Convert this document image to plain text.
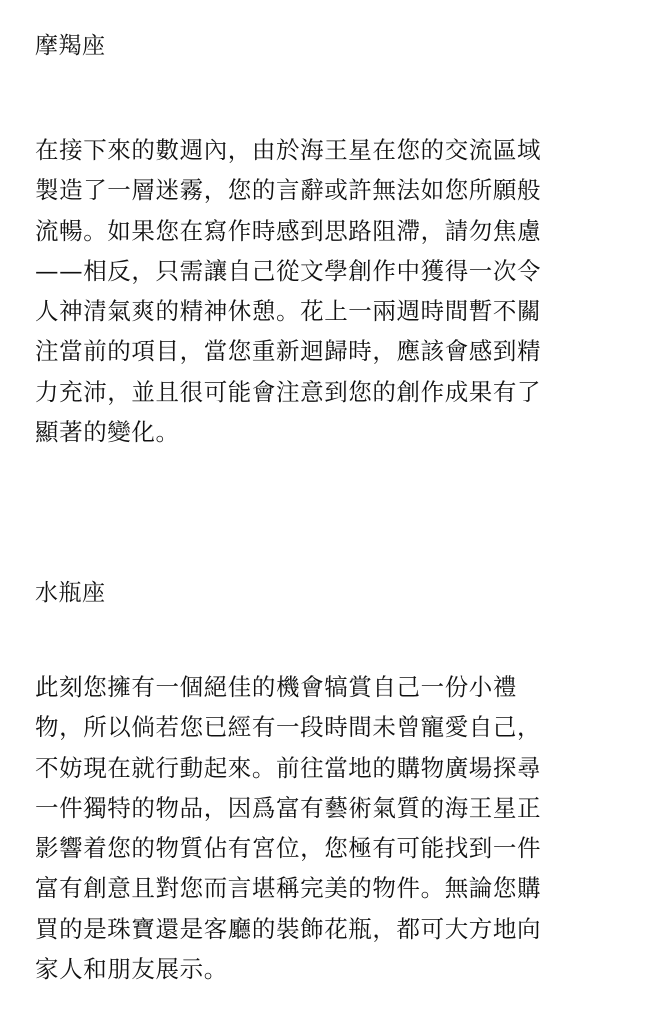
摩羯座
在接下來的數週內，由於海王星在您的交流區域
製造了一層迷霧，您的言辭或許無法如您所願般
流暢。如果您在寫作時感到思路阻滯，請勿焦慮
——相反，只需讓自己從文學創作中獲得一次令
人神清氣爽的精神休憩。花上一兩週時間暫不關
注當前的項目，當您重新迴歸時，應該會感到精
力充沛，並且很可能會注意到您的創作成果有了
顯著的變化。
水瓶座
此刻您擁有一個絕佳的機會犒賞自己一份小禮
物，所以倘若您已經有一段時間未曾寵愛自己，
不妨現在就行動起來。前往當地的購物廣場探尋
一件獨特的物品，因爲富有藝術氣質的海王星正
影響着您的物質佔有宮位，您極有可能找到一件
富有創意且對您而言堪稱完美的物件。無論您購
買的是珠寶還是客廳的裝飾花瓶，都可大方地向
家人和朋友展示。
